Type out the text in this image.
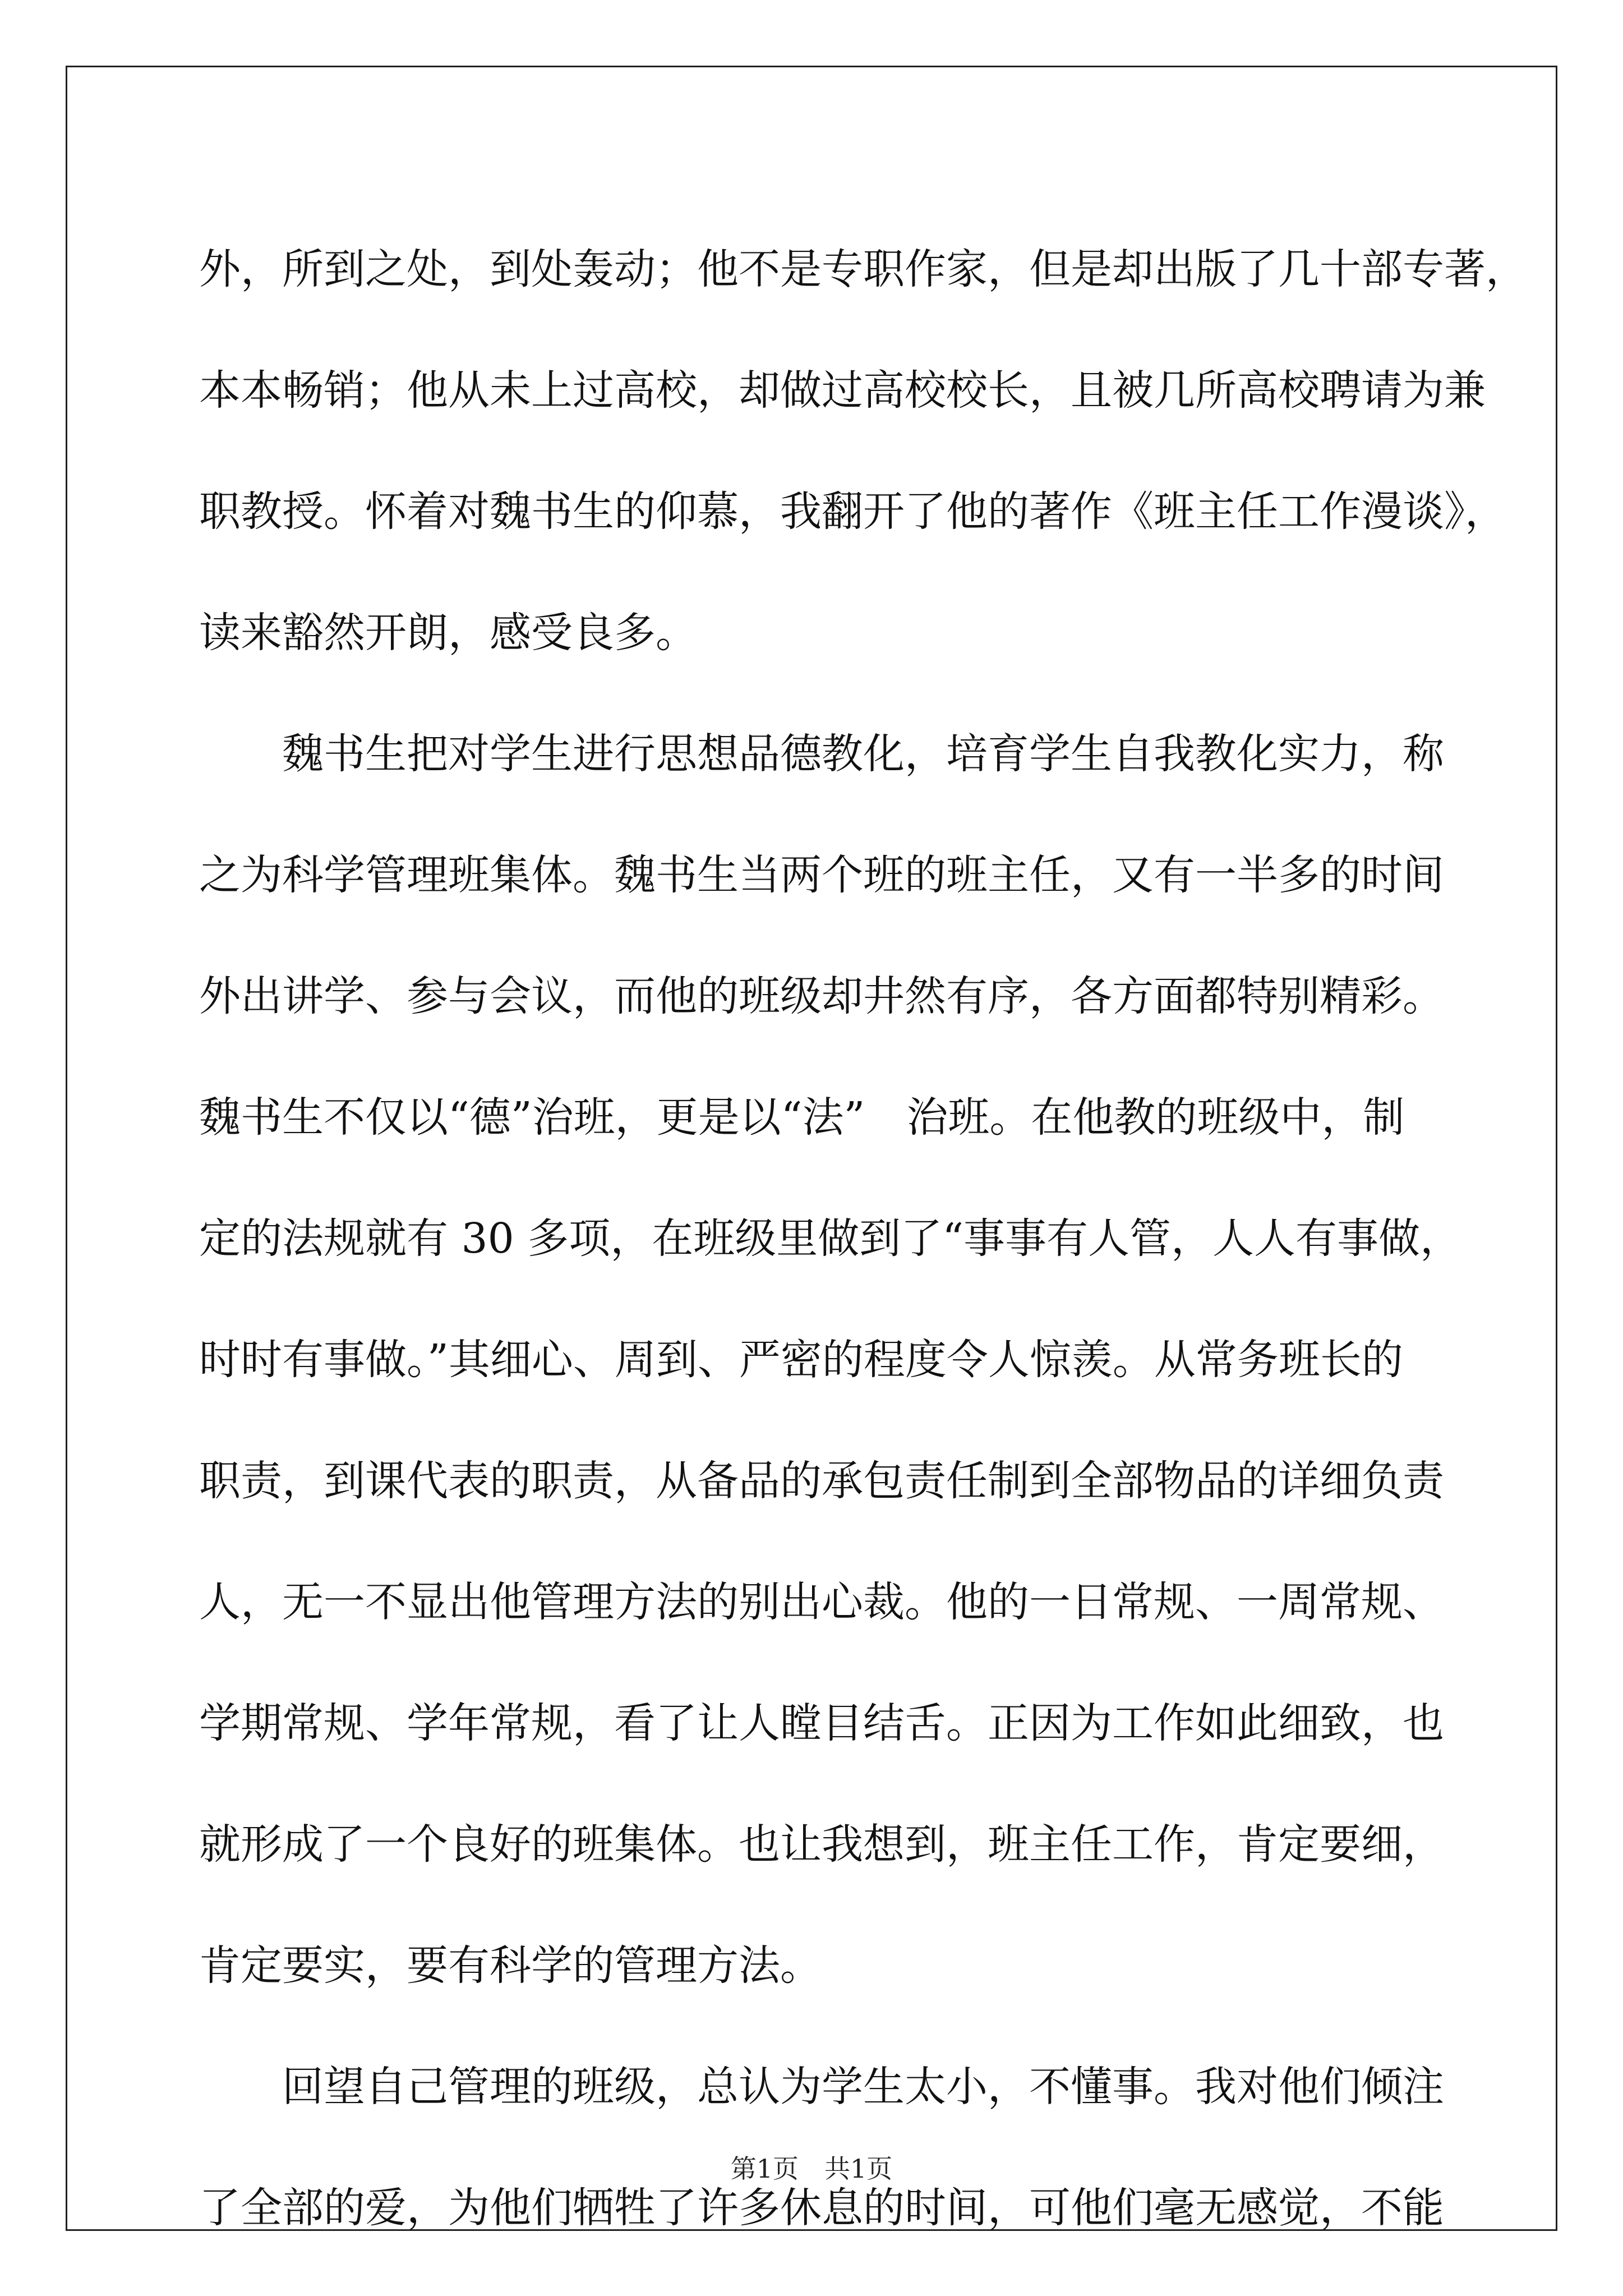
外，所到之处，到处轰动；他不是专职作家，但是却出版了几十部专著，
本本畅销；他从未上过高校，却做过高校校长，且被几所高校聘请为兼
职教授。怀着对魏书生的仰慕，我翻开了他的著作《班主任工作漫谈》，
读来豁然开朗，感受良多。
　　魏书生把对学生进行思想品德教化，培育学生自我教化实力，称
之为科学管理班集体。魏书生当两个班的班主任，又有一半多的时间
外出讲学、参与会议，而他的班级却井然有序，各方面都特别精彩。
魏书生不仅以“德”治班，更是以“法”　治班。在他教的班级中，制
定的法规就有 30 多项，在班级里做到了“事事有人管，人人有事做，
时时有事做。”其细心、周到、严密的程度令人惊羡。从常务班长的
职责，到课代表的职责，从备品的承包责任制到全部物品的详细负责
人，无一不显出他管理方法的别出心裁。他的一日常规、一周常规、
学期常规、学年常规，看了让人瞠目结舌。正因为工作如此细致，也
就形成了一个良好的班集体。也让我想到，班主任工作，肯定要细，
肯定要实，要有科学的管理方法。
　　回望自己管理的班级，总认为学生太小，不懂事。我对他们倾注
了全部的爱，为他们牺牲了许多休息的时间，可他们毫无感觉，不能
第1页　共1页
